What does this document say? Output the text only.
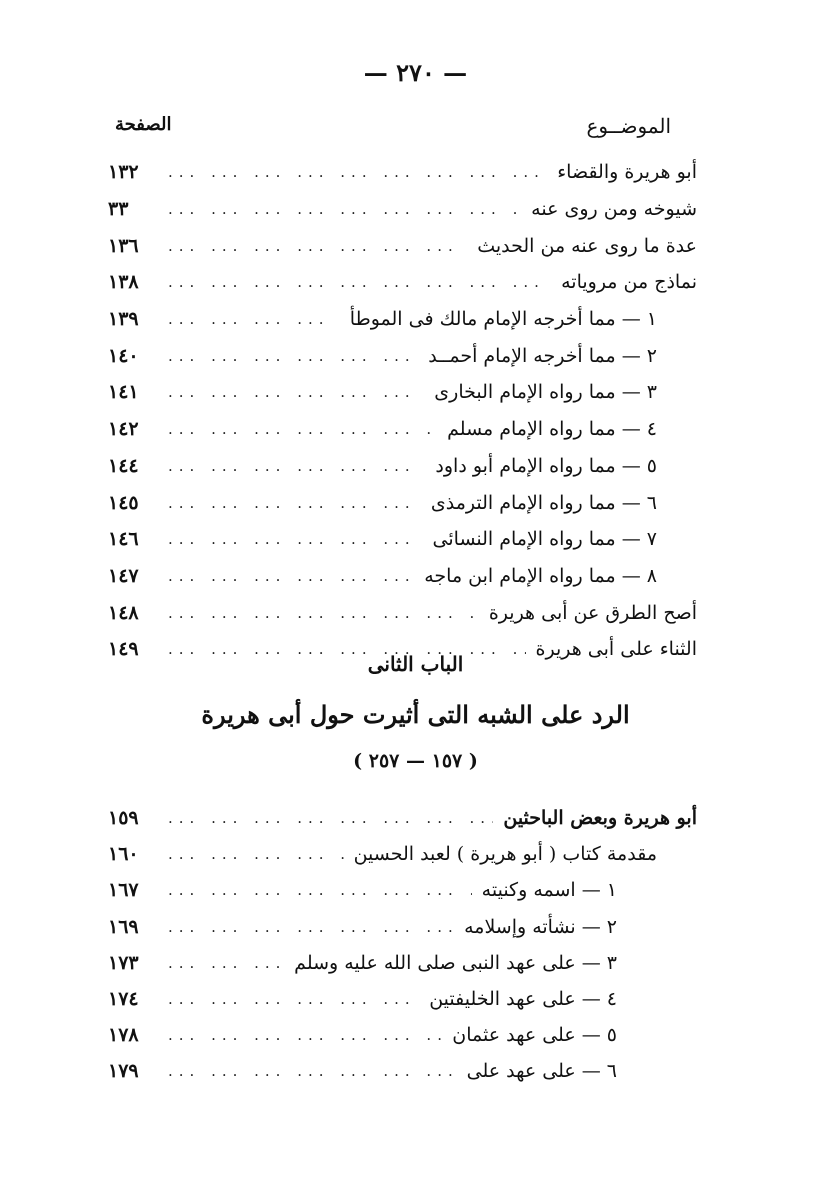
— ٢٧٠ —
الموضــوع
الصفحة
أبو هريرة والقضاء
... .
١٣٢
شيوخه ومن روى عنه
... .
٣٣
عدة ما روى عنه من الحديث
... .
١٣٦
نماذج من مروياته
... .
١٣٨
١ — مما أخرجه الإمام مالك فى الموطأ
... .
١٣٩
٢ — مما أخرجه الإمام أحمــد
... .
١٤٠
٣ — مما رواه الإمام البخارى
... .
١٤١
٤ — مما رواه الإمام مسلم
... .
١٤٢
٥ — مما رواه الإمام أبو داود
... .
١٤٤
٦ — مما رواه الإمام الترمذى
... .
١٤٥
٧ — مما رواه الإمام النسائى
... .
١٤٦
٨ — مما رواه الإمام ابن ماجه
... .
١٤٧
أصح الطرق عن أبى هريرة
... .
١٤٨
الثناء على أبى هريرة
... .
١٤٩
الباب الثانى
الرد على الشبه التى أثيرت حول أبى هريرة
( ١٥٧ — ٢٥٧ )
أبو هريرة وبعض الباحثين
... .
١٥٩
مقدمة كتاب ( أبو هريرة ) لعبد الحسين
... .
١٦٠
١ — اسمه وكنيته
... .
١٦٧
٢ — نشأته وإسلامه
... .
١٦٩
٣ — على عهد النبى صلى الله عليه وسلم
... .
١٧٣
٤ — على عهد الخليفتين
... .
١٧٤
٥ — على عهد عثمان
... .
١٧٨
٦ — على عهد على
... .
١٧٩
